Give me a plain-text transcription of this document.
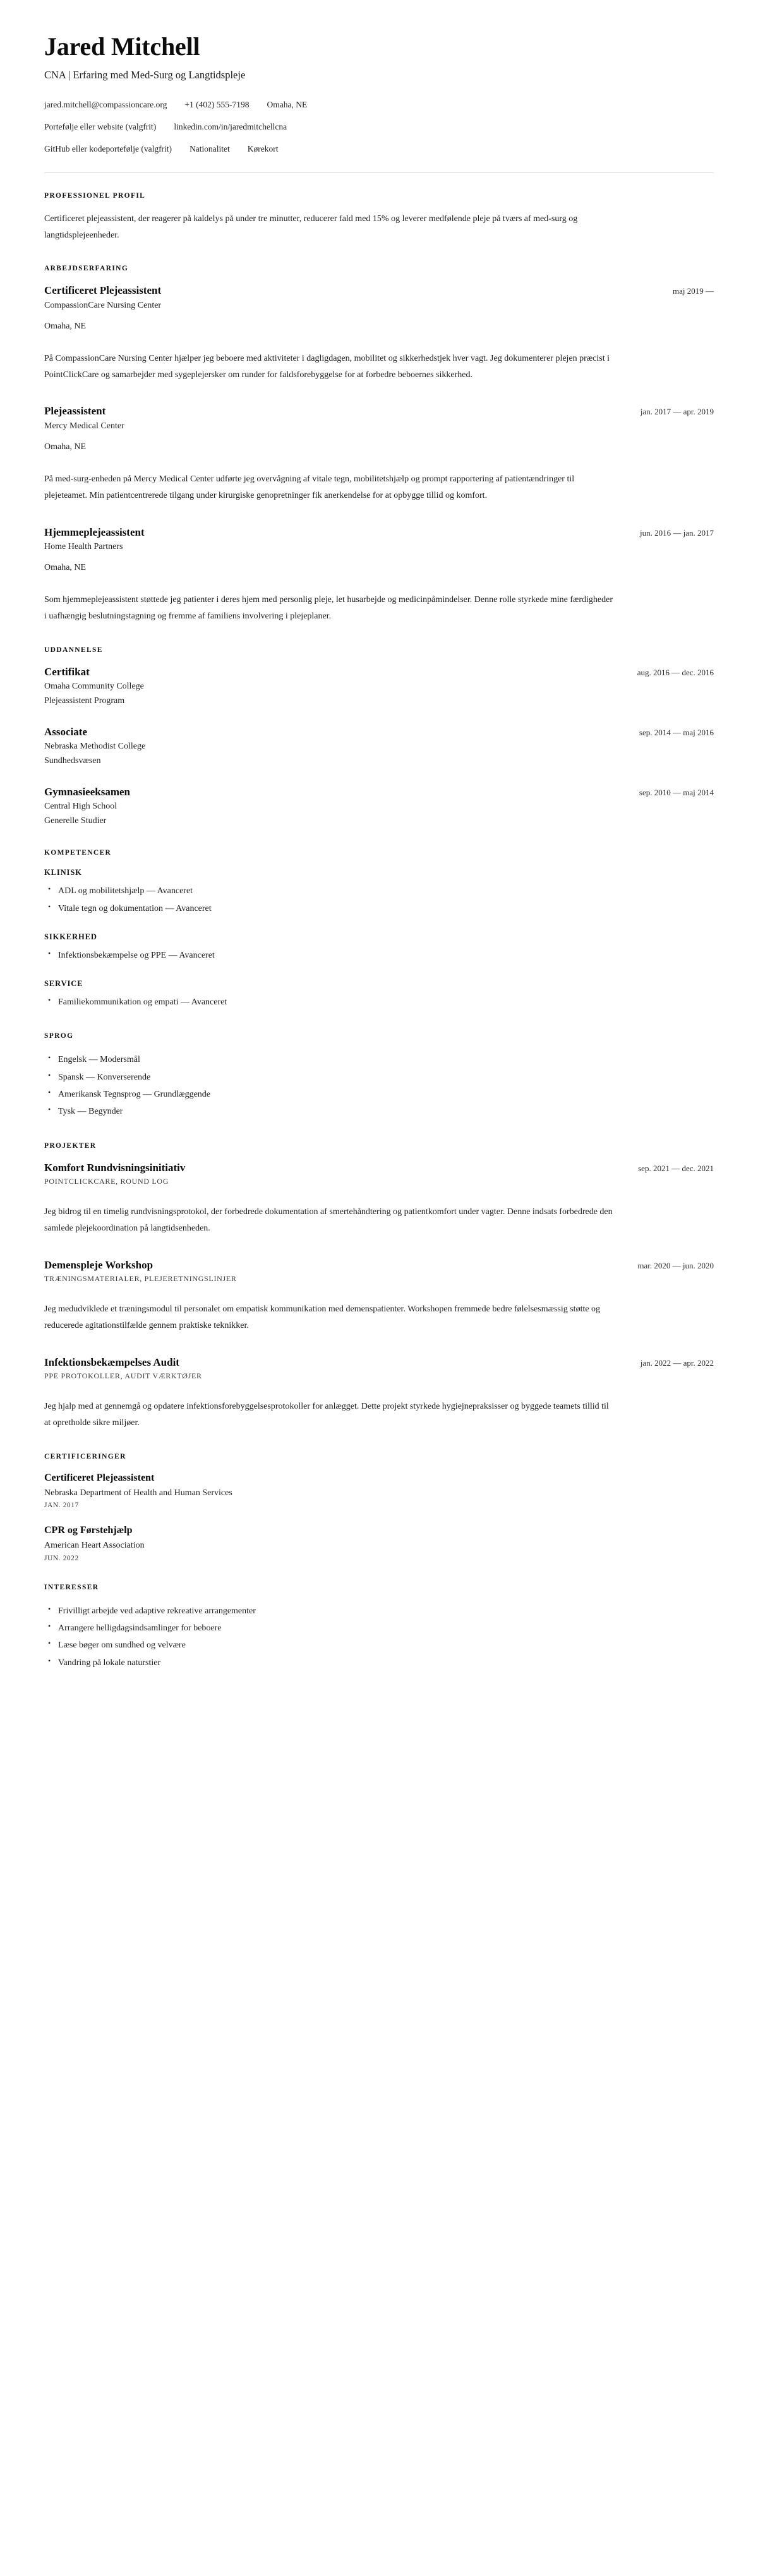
Jared Mitchell

CNA | Erfaring med Med-Surg og Langtidspleje

jared.mitchell@compassioncare.org +1 (402) 555-7198 Omaha, NE
Portefølje eller website (valgfrit) linkedin.com/in/jaredmitchellcna
GitHub eller kodeportefølje (valgfrit) Nationalitet Kørekort
PROFESSIONEL PROFIL

Certificeret plejeassistent, der reagerer på kaldelys på under tre minutter, reducerer fald med 15% og leverer medfølende pleje på tværs af med-surg og langtidsplejeenheder.

ARBEJDSERFARING
Certificeret Plejeassistent	maj 2019 —

CompassionCare Nursing Center

Omaha, NE

På CompassionCare Nursing Center hjælper jeg beboere med aktiviteter i dagligdagen, mobilitet og sikkerhedstjek hver vagt. Jeg dokumenterer plejen præcist i PointClickCare og samarbejder med sygeplejersker om runder for faldsforebyggelse for at forbedre beboernes sikkerhed.

Plejeassistent	jan. 2017 — apr. 2019

Mercy Medical Center

Omaha, NE

På med-surg-enheden på Mercy Medical Center udførte jeg overvågning af vitale tegn, mobilitetshjælp og prompt rapportering af patientændringer til plejeteamet. Min patientcentrerede tilgang under kirurgiske genopretninger fik anerkendelse for at opbygge tillid og komfort.

Hjemmeplejeassistent	jun. 2016 — jan. 2017

Home Health Partners

Omaha, NE

Som hjemmeplejeassistent støttede jeg patienter i deres hjem med personlig pleje, let husarbejde og medicinpåmindelser. Denne rolle styrkede mine færdigheder i uafhængig beslutningstagning og fremme af familiens involvering i plejeplaner.

UDDANNELSE
Certifikat	aug. 2016 — dec. 2016

Omaha Community College

Plejeassistent Program

Associate	sep. 2014 — maj 2016

Nebraska Methodist College

Sundhedsvæsen

Gymnasieeksamen	sep. 2010 — maj 2014

Central High School

Generelle Studier

KOMPETENCER
KLINISK
• ADL og mobilitetshjælp — Avanceret
• Vitale tegn og dokumentation — Avanceret
SIKKERHED
• Infektionsbekæmpelse og PPE — Avanceret
SERVICE
• Familiekommunikation og empati — Avanceret
SPROG
• Engelsk — Modersmål
• Spansk — Konverserende
• Amerikansk Tegnsprog — Grundlæggende
• Tysk — Begynder
PROJEKTER
Komfort Rundvisningsinitiativ	sep. 2021 — dec. 2021

POINTCLICKCARE, ROUND LOG

Jeg bidrog til en timelig rundvisningsprotokol, der forbedrede dokumentation af smertehåndtering og patientkomfort under vagter. Denne indsats forbedrede den samlede plejekoordination på langtidsenheden.

Demenspleje Workshop	mar. 2020 — jun. 2020

TRÆNINGSMATERIALER, PLEJERETNINGSLINJER

Jeg medudviklede et træningsmodul til personalet om empatisk kommunikation med demenspatienter. Workshopen fremmede bedre følelsesmæssig støtte og reducerede agitationstilfælde gennem praktiske teknikker.

Infektionsbekæmpelses Audit	jan. 2022 — apr. 2022

PPE PROTOKOLLER, AUDIT VÆRKTØJER

Jeg hjalp med at gennemgå og opdatere infektionsforebyggelsesprotokoller for anlægget. Dette projekt styrkede hygiejnepraksisser og byggede teamets tillid til at opretholde sikre miljøer.

CERTIFICERINGER
Certificeret Plejeassistent

Nebraska Department of Health and Human Services

JAN. 2017

CPR og Førstehjælp

American Heart Association

JUN. 2022

INTERESSER
• Frivilligt arbejde ved adaptive rekreative arrangementer
• Arrangere helligdagsindsamlinger for beboere
• Læse bøger om sundhed og velvære
• Vandring på lokale naturstier
